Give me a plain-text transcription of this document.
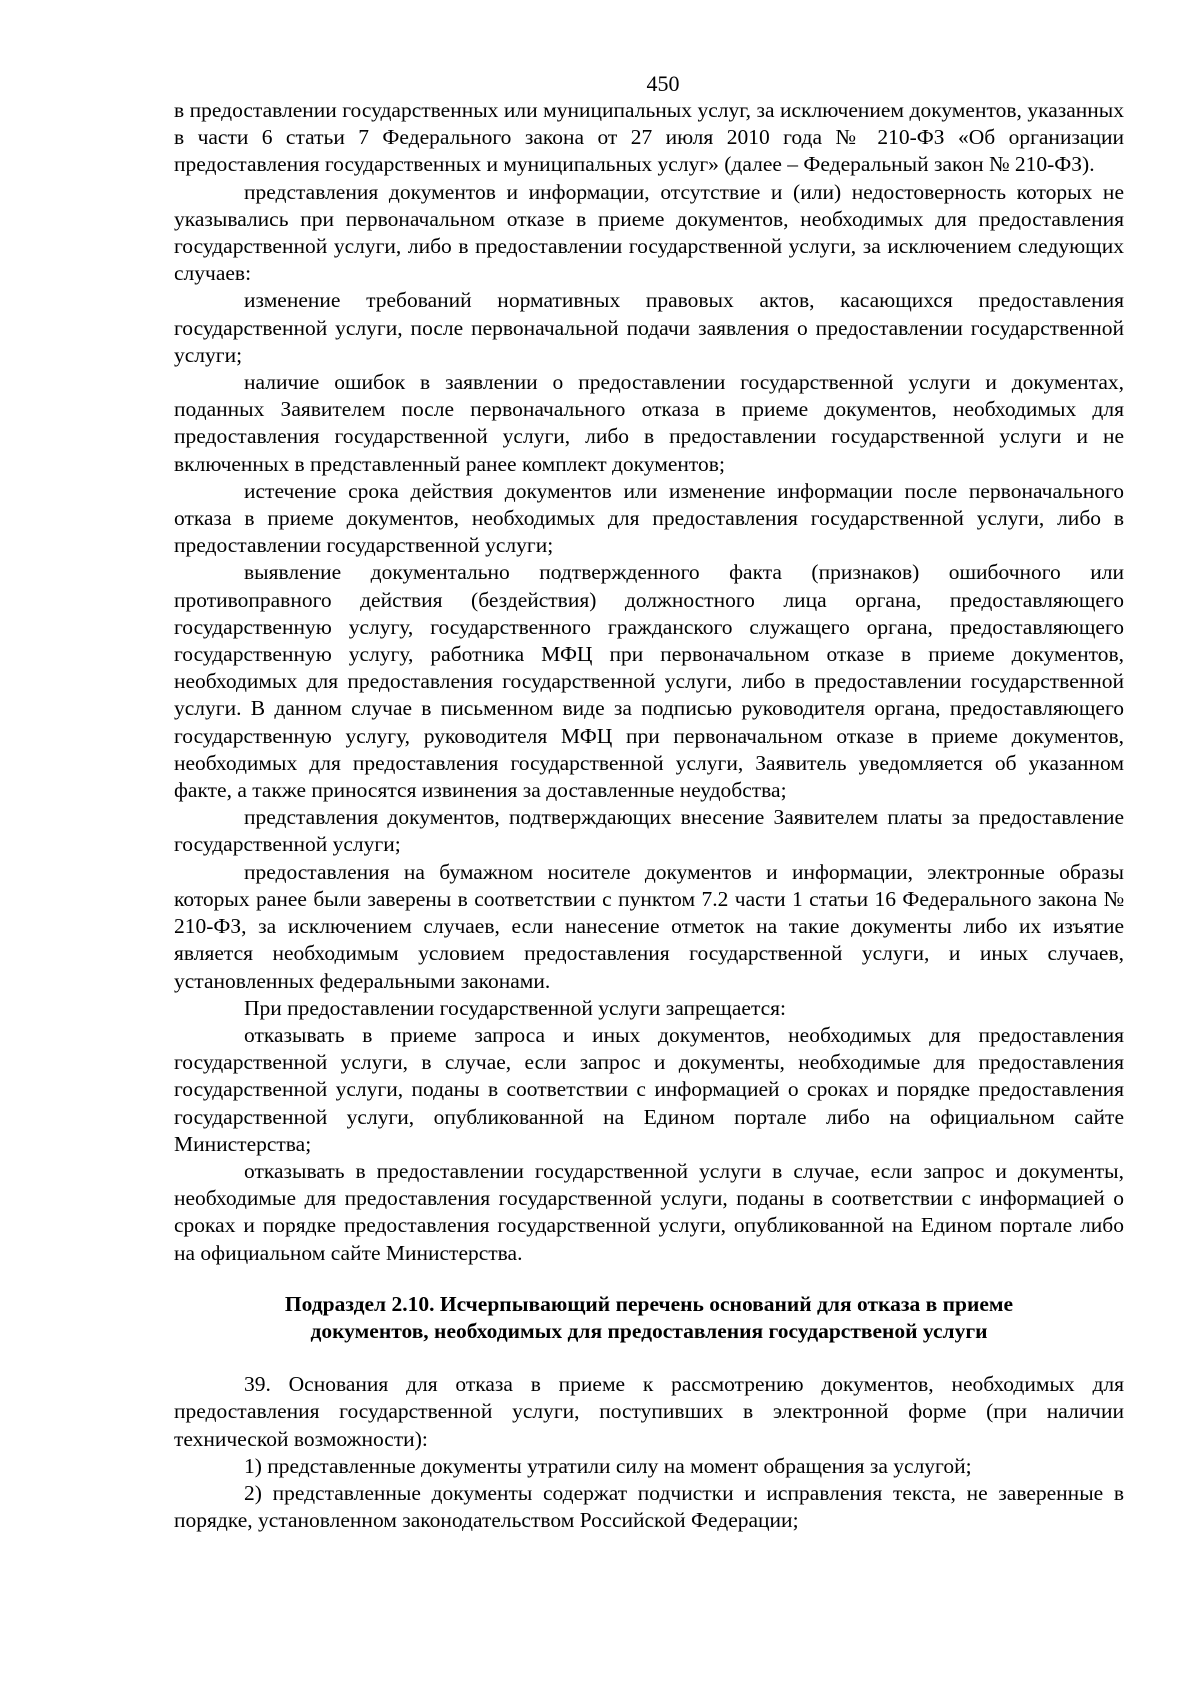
450

в предоставлении государственных или муниципальных услуг, за исключением документов, указанных в части 6 статьи 7 Федерального закона от 27 июля 2010 года № 210-ФЗ «Об организации предоставления государственных и муниципальных услуг» (далее – Федеральный закон № 210-ФЗ).

представления документов и информации, отсутствие и (или) недостоверность которых не указывались при первоначальном отказе в приеме документов, необходимых для предоставления государственной услуги, либо в предоставлении государственной услуги, за исключением следующих случаев:

изменение требований нормативных правовых актов, касающихся предоставления государственной услуги, после первоначальной подачи заявления о предоставлении государственной услуги;

наличие ошибок в заявлении о предоставлении государственной услуги и документах, поданных Заявителем после первоначального отказа в приеме документов, необходимых для предоставления государственной услуги, либо в предоставлении государственной услуги и не включенных в представленный ранее комплект документов;

истечение срока действия документов или изменение информации после первоначального отказа в приеме документов, необходимых для предоставления государственной услуги, либо в предоставлении государственной услуги;

выявление документально подтвержденного факта (признаков) ошибочного или противоправного действия (бездействия) должностного лица органа, предоставляющего государственную услугу, государственного гражданского служащего органа, предоставляющего государственную услугу, работника МФЦ при первоначальном отказе в приеме документов, необходимых для предоставления государственной услуги, либо в предоставлении государственной услуги. В данном случае в письменном виде за подписью руководителя органа, предоставляющего государственную услугу, руководителя МФЦ при первоначальном отказе в приеме документов, необходимых для предоставления государственной услуги, Заявитель уведомляется об указанном факте, а также приносятся извинения за доставленные неудобства;

представления документов, подтверждающих внесение Заявителем платы за предоставление государственной услуги;

предоставления на бумажном носителе документов и информации, электронные образы которых ранее были заверены в соответствии с пунктом 7.2 части 1 статьи 16 Федерального закона № 210-ФЗ, за исключением случаев, если нанесение отметок на такие документы либо их изъятие является необходимым условием предоставления государственной услуги, и иных случаев, установленных федеральными законами.

При предоставлении государственной услуги запрещается:

отказывать в приеме запроса и иных документов, необходимых для предоставления государственной услуги, в случае, если запрос и документы, необходимые для предоставления государственной услуги, поданы в соответствии с информацией о сроках и порядке предоставления государственной услуги, опубликованной на Едином портале либо на официальном сайте Министерства;

отказывать в предоставлении государственной услуги в случае, если запрос и документы, необходимые для предоставления государственной услуги, поданы в соответствии с информацией о сроках и порядке предоставления государственной услуги, опубликованной на Едином портале либо на официальном сайте Министерства.

Подраздел 2.10. Исчерпывающий перечень оснований для отказа в приеме
документов, необходимых для предоставления государственой услуги

39. Основания для отказа в приеме к рассмотрению документов, необходимых для предоставления государственной услуги, поступивших в электронной форме (при наличии технической возможности):

1) представленные документы утратили силу на момент обращения за услугой;

2) представленные документы содержат подчистки и исправления текста, не заверенные в порядке, установленном законодательством Российской Федерации;
